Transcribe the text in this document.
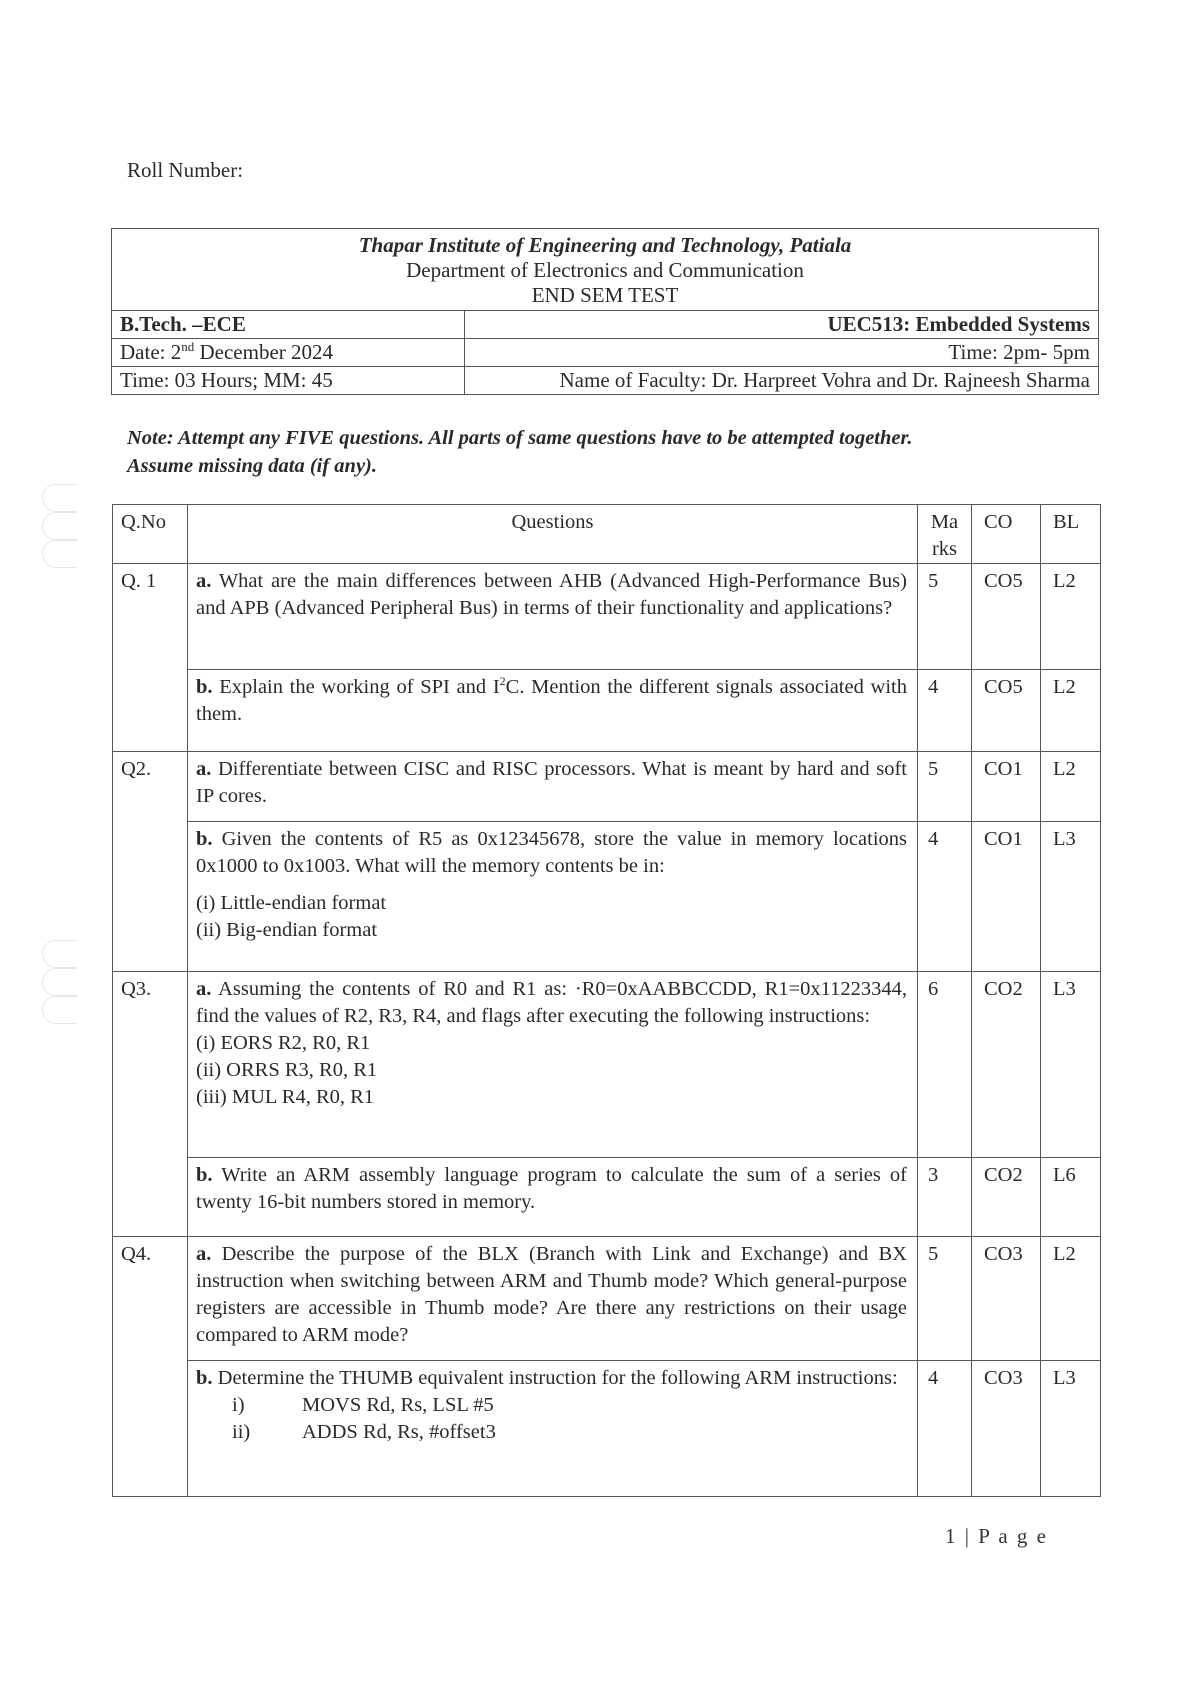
Roll Number:
Thapar Institute of Engineering and Technology, Patiala
Department of Electronics and Communication
END SEM TEST	

B.Tech. –ECE	UEC513: Embedded Systems
Date: 2nd December 2024	Time: 2pm- 5pm
Time: 03 Hours; MM: 45	Name of Faculty: Dr. Harpreet Vohra and Dr. Rajneesh Sharma
Note: Attempt any FIVE questions. All parts of same questions have to be attempted together.
Assume missing data (if any).
Q.No	Questions	Ma rks	CO	BL
Q. 1	a. What are the main differences between AHB (Advanced High-Performance Bus) and APB (Advanced Peripheral Bus) in terms of their functionality and applications?	5	CO5	L2
	b. Explain the working of SPI and $I^2C$. Mention the different signals associated with them.	4	CO5	L2
Q2.	a. Differentiate between CISC and RISC processors. What is meant by hard and soft IP cores.	5	CO1	L2
	b. Given the contents of R5 as 0x12345678, store the value in memory locations 0x1000 to 0x1003. What will the memory contents be in:
(i) Little-endian format
(ii) Big-endian format	4	CO1	L3
Q3.	a. Assuming the contents of R0 and R1 as: ·R0=0xAABBCCDD, R1=0x11223344, find the values of R2, R3, R4, and flags after executing the following instructions:
(i) EORS R2, R0, R1
(ii) ORRS R3, R0, R1
(iii) MUL R4, R0, R1	6	CO2	L3
	b. Write an ARM assembly language program to calculate the sum of a series of twenty 16-bit numbers stored in memory.	3	CO2	L6
Q4.	a. Describe the purpose of the BLX (Branch with Link and Exchange) and BX instruction when switching between ARM and Thumb mode? Which general-purpose registers are accessible in Thumb mode? Are there any restrictions on their usage compared to ARM mode?	5	CO3	L2
	b. Determine the THUMB equivalent instruction for the following ARM instructions:
i) MOVS Rd, Rs, LSL #5
ii) ADDS Rd, Rs, #offset3	4	CO3	L3
1 | P a g e
